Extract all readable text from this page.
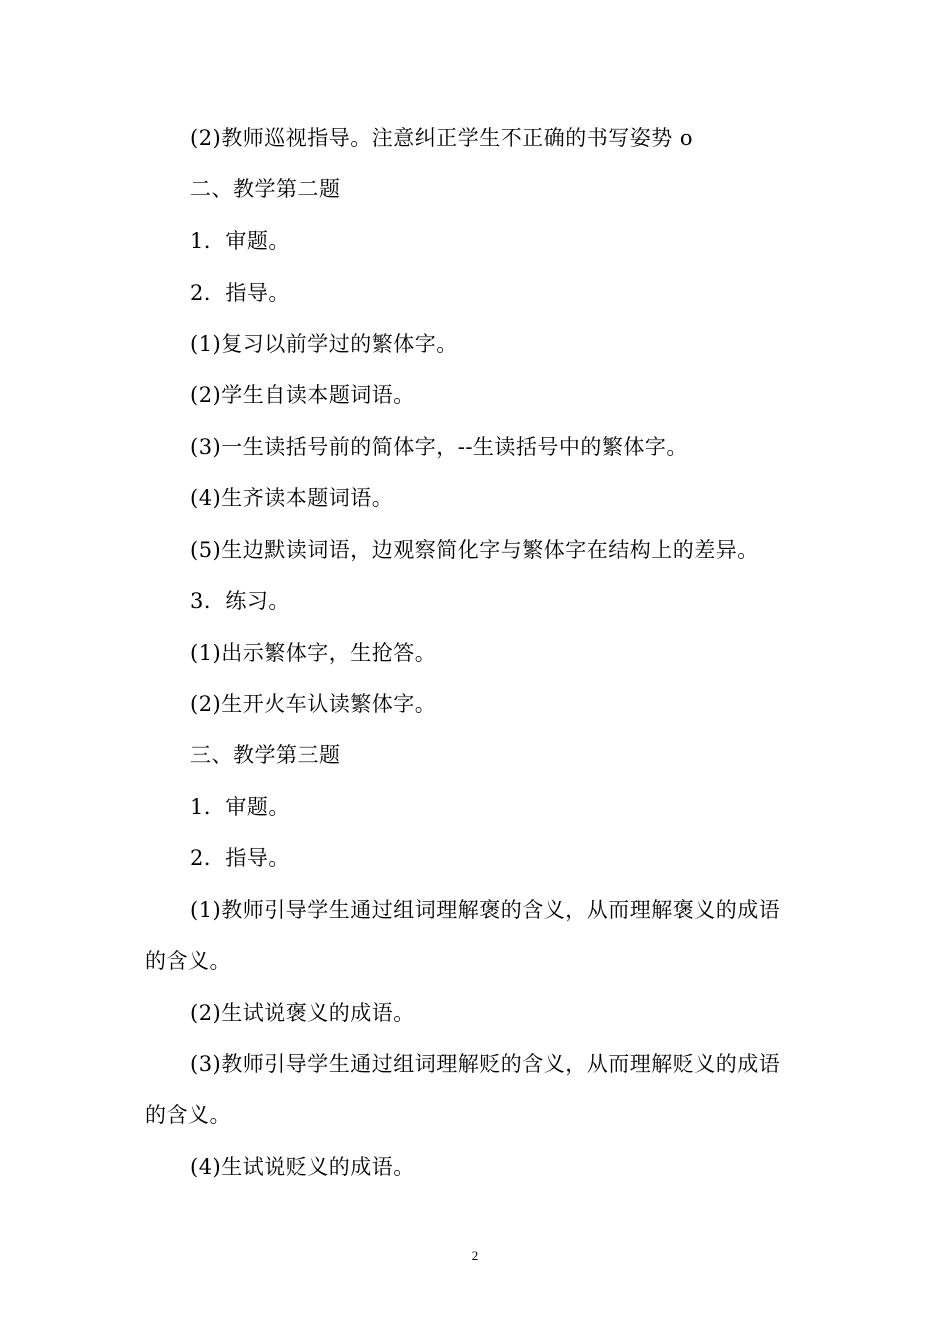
(2)教师巡视指导。注意纠正学生不正确的书写姿势 o
二、教学第二题
1．审题。
2．指导。
(1)复习以前学过的繁体字。
(2)学生自读本题词语。
(3)一生读括号前的简体字，--生读括号中的繁体字。
(4)生齐读本题词语。
(5)生边默读词语，边观察简化字与繁体字在结构上的差异。
3．练习。
(1)出示繁体字，生抢答。
(2)生开火车认读繁体字。
三、教学第三题
1．审题。
2．指导。
(1)教师引导学生通过组词理解褒的含义，从而理解褒义的成语
的含义。
(2)生试说褒义的成语。
(3)教师引导学生通过组词理解贬的含义，从而理解贬义的成语
的含义。
(4)生试说贬义的成语。
2
